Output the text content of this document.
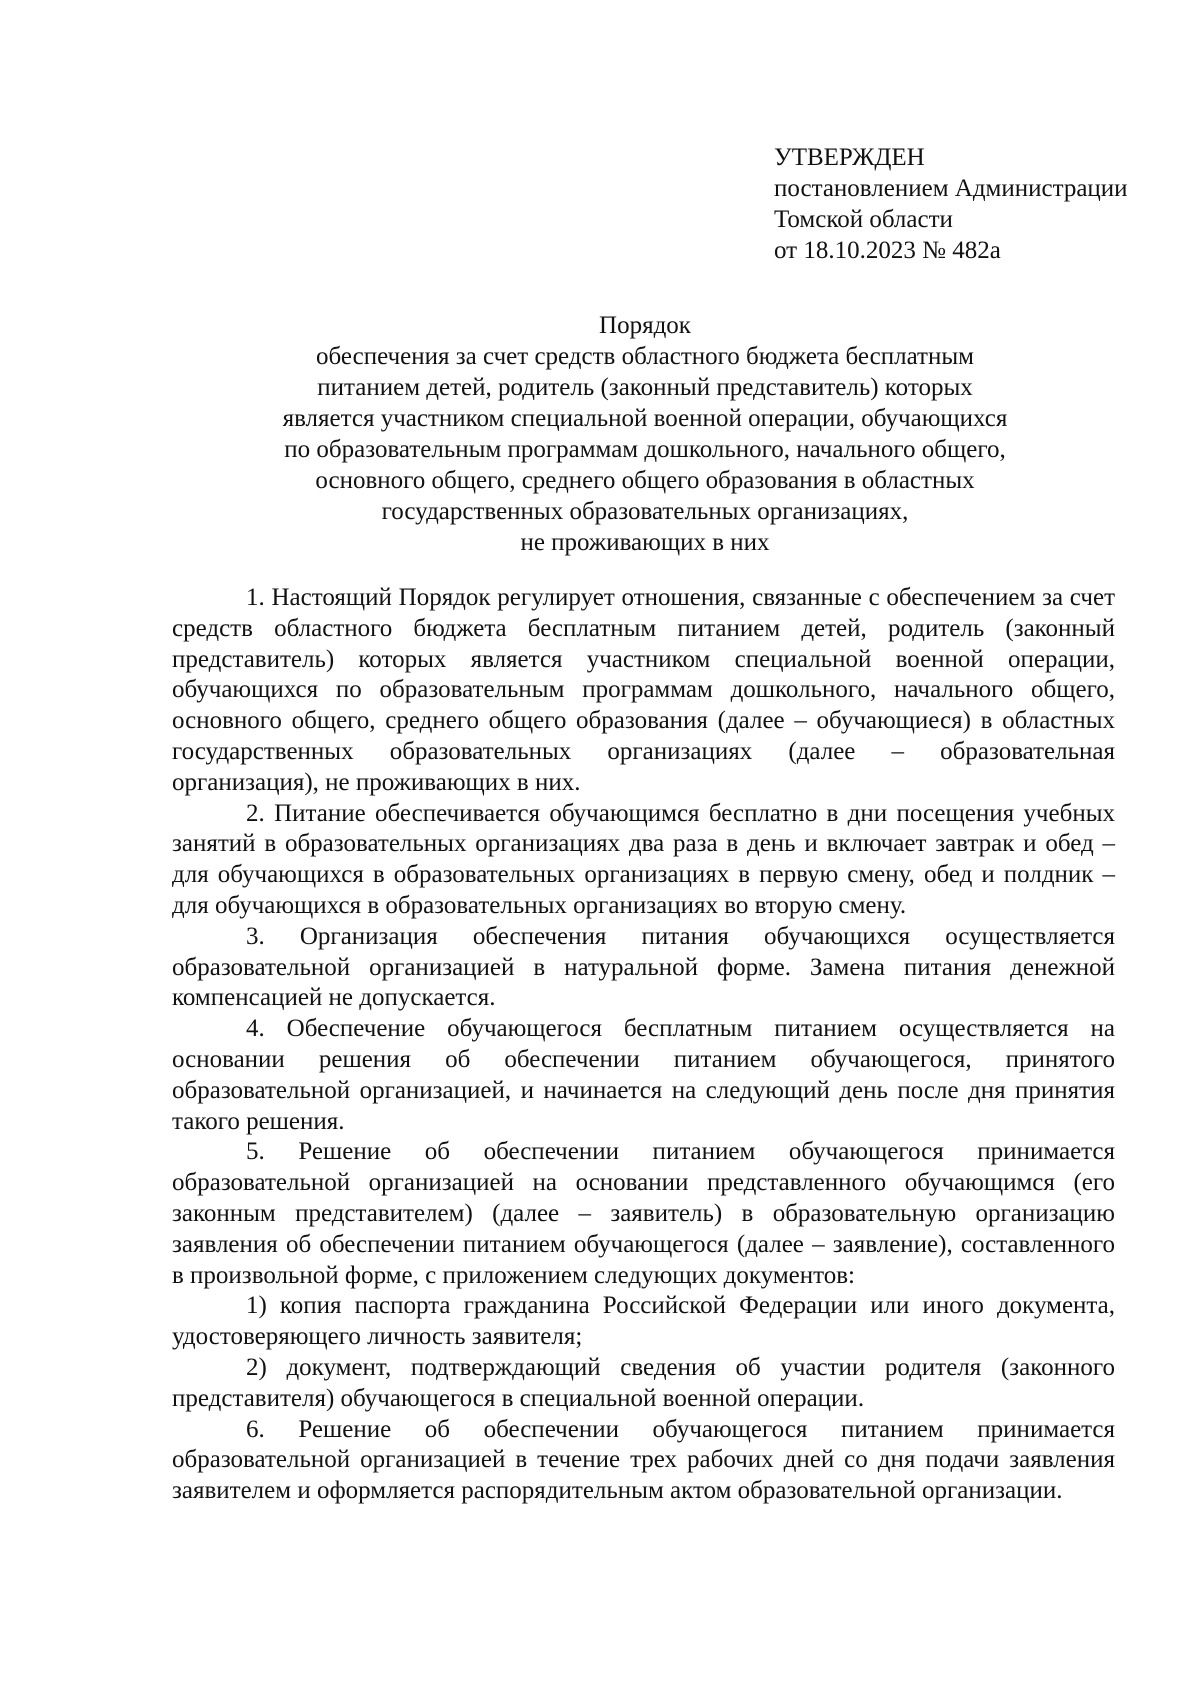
УТВЕРЖДЕН
постановлением Администрации
Томской области
от 18.10.2023 № 482а
Порядок
обеспечения за счет средств областного бюджета бесплатным
питанием детей, родитель (законный представитель) которых
является участником специальной военной операции, обучающихся
по образовательным программам дошкольного, начального общего,
основного общего, среднего общего образования в областных
государственных образовательных организациях,
не проживающих в них

1. Настоящий Порядок регулирует отношения, связанные с обеспечением за счет средств областного бюджета бесплатным питанием детей, родитель (законный представитель) которых является участником специальной военной операции, обучающихся по образовательным программам дошкольного, начального общего, основного общего, среднего общего образования (далее – обучающиеся) в областных государственных образовательных организациях (далее – образовательная организация), не проживающих в них.

2. Питание обеспечивается обучающимся бесплатно в дни посещения учебных занятий в образовательных организациях два раза в день и включает завтрак и обед – для обучающихся в образовательных организациях в первую смену, обед и полдник – для обучающихся в образовательных организациях во вторую смену.

3. Организация обеспечения питания обучающихся осуществляется образовательной организацией в натуральной форме. Замена питания денежной компенсацией не допускается.

4. Обеспечение обучающегося бесплатным питанием осуществляется на основании решения об обеспечении питанием обучающегося, принятого образовательной организацией, и начинается на следующий день после дня принятия такого решения.

5. Решение об обеспечении питанием обучающегося принимается образовательной организацией на основании представленного обучающимся (его законным представителем) (далее – заявитель) в образовательную организацию заявления об обеспечении питанием обучающегося (далее – заявление), составленного в произвольной форме, с приложением следующих документов:

1) копия паспорта гражданина Российской Федерации или иного документа, удостоверяющего личность заявителя;

2) документ, подтверждающий сведения об участии родителя (законного представителя) обучающегося в специальной военной операции.

6. Решение об обеспечении обучающегося питанием принимается образовательной организацией в течение трех рабочих дней со дня подачи заявления заявителем и оформляется распорядительным актом образовательной организации.
